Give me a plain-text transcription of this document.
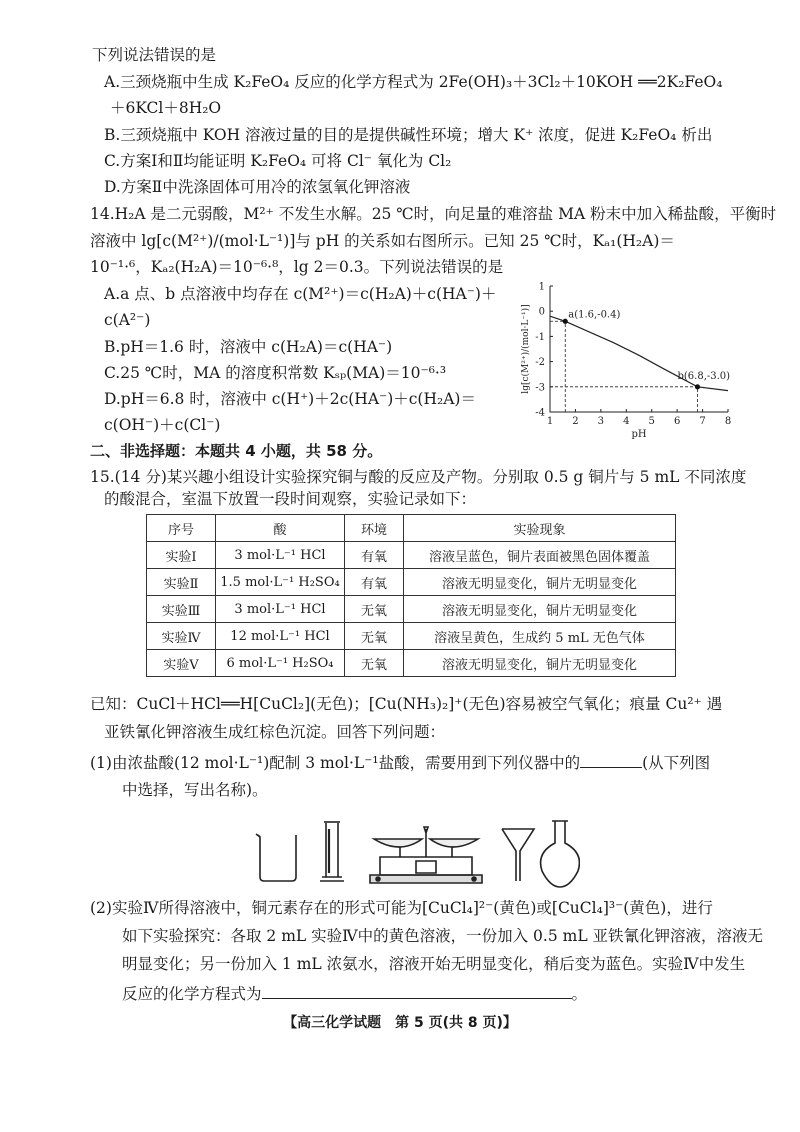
下列说法错误的是
A.三颈烧瓶中生成 K₂FeO₄ 反应的化学方程式为 2Fe(OH)₃＋3Cl₂＋10KOH ══2K₂FeO₄
＋6KCl＋8H₂O
B.三颈烧瓶中 KOH 溶液过量的目的是提供碱性环境；增大 K⁺ 浓度，促进 K₂FeO₄ 析出
C.方案Ⅰ和Ⅱ均能证明 K₂FeO₄ 可将 Cl⁻ 氧化为 Cl₂
D.方案Ⅱ中洗涤固体可用冷的浓氢氧化钾溶液
14.H₂A 是二元弱酸，M²⁺ 不发生水解。25 ℃时，向足量的难溶盐 MA 粉末中加入稀盐酸，平衡时
溶液中 lg[c(M²⁺)/(mol·L⁻¹)]与 pH 的关系如右图所示。已知 25 ℃时，Kₐ₁(H₂A)＝
10⁻¹·⁶，Kₐ₂(H₂A)＝10⁻⁶·⁸，lg 2＝0.3。下列说法错误的是
A.a 点、b 点溶液中均存在 c(M²⁺)＝c(H₂A)＋c(HA⁻)＋
c(A²⁻)
B.pH＝1.6 时，溶液中 c(H₂A)＝c(HA⁻)
C.25 ℃时，MA 的溶度积常数 Kₛₚ(MA)＝10⁻⁶·³
D.pH＝6.8 时，溶液中 c(H⁺)＋2c(HA⁻)＋c(H₂A)＝
c(OH⁻)＋c(Cl⁻)	1 2 3 4 5 6 7 8
1
0
-1
-2
-3
-4
pH
lg[c(M²⁺)/(mol·L⁻¹)]	a(1.6,-0.4)
b(6.8,-3.0)
二、非选择题：本题共 4 小题，共 58 分。
15.(14 分)某兴趣小组设计实验探究铜与酸的反应及产物。分别取 0.5 g 铜片与 5 mL 不同浓度
的酸混合，室温下放置一段时间观察，实验记录如下：
序号	酸	环境	实验现象
实验Ⅰ	3 mol·L⁻¹ HCl	有氧	溶液呈蓝色，铜片表面被黑色固体覆盖
实验Ⅱ	1.5 mol·L⁻¹ H₂SO₄	有氧	溶液无明显变化，铜片无明显变化
实验Ⅲ	3 mol·L⁻¹ HCl	无氧	溶液无明显变化，铜片无明显变化
实验Ⅳ	12 mol·L⁻¹ HCl	无氧	溶液呈黄色，生成约 5 mL 无色气体
实验Ⅴ	6 mol·L⁻¹ H₂SO₄	无氧	溶液无明显变化，铜片无明显变化
已知：CuCl＋HCl══H[CuCl₂](无色)；[Cu(NH₃)₂]⁺(无色)容易被空气氧化；痕量 Cu²⁺ 遇
亚铁氰化钾溶液生成红棕色沉淀。回答下列问题：
(1)由浓盐酸(12 mol·L⁻¹)配制 3 mol·L⁻¹盐酸，需要用到下列仪器中的	(从下列图
中选择，写出名称)。
(2)实验Ⅳ所得溶液中，铜元素存在的形式可能为[CuCl₄]²⁻(黄色)或[CuCl₄]³⁻(黄色)，进行
如下实验探究：各取 2 mL 实验Ⅳ中的黄色溶液，一份加入 0.5 mL 亚铁氰化钾溶液，溶液无
明显变化；另一份加入 1 mL 浓氨水，溶液开始无明显变化，稍后变为蓝色。实验Ⅳ中发生
反应的化学方程式为	。
【高三化学试题　第 5 页(共 8 页)】
